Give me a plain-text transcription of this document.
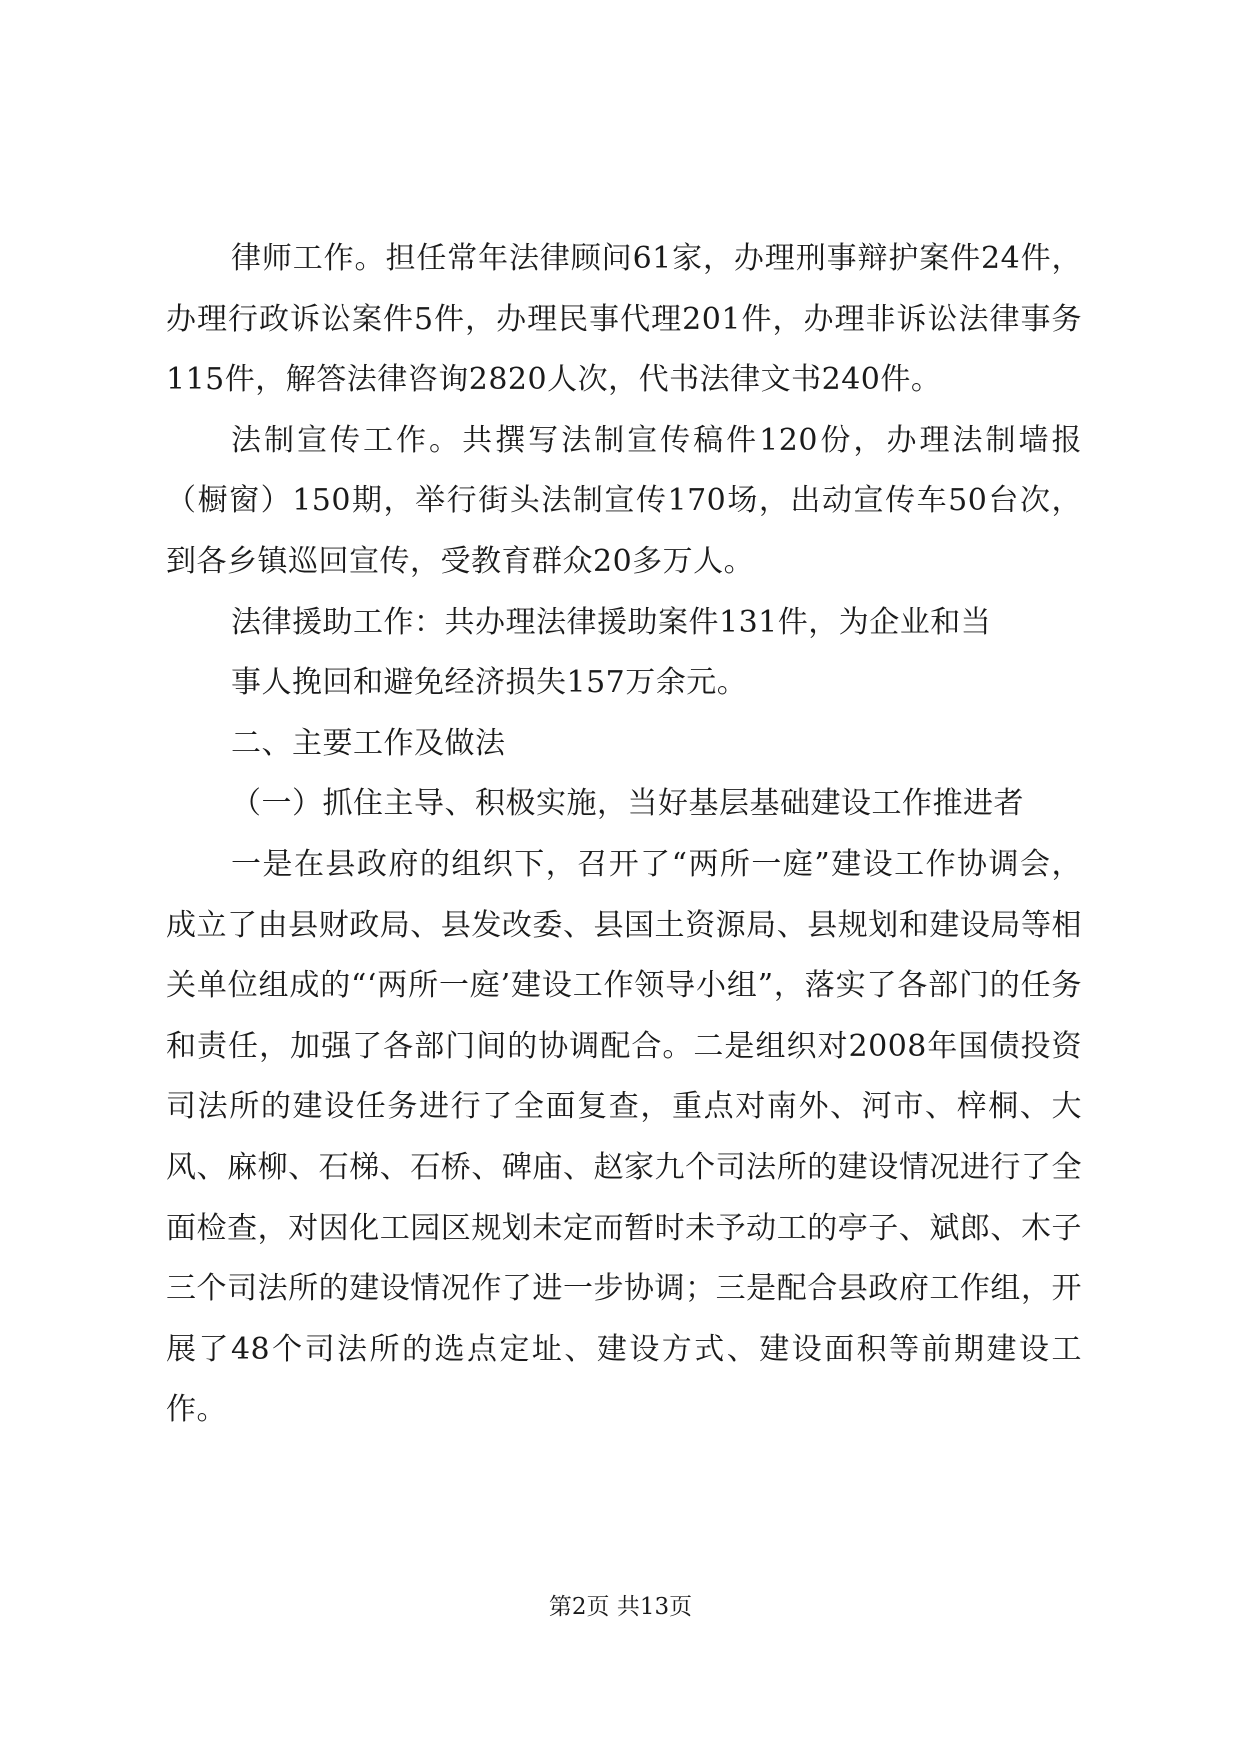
律师工作。担任常年法律顾问61家，办理刑事辩护案件24件，办理行政诉讼案件5件，办理民事代理201件，办理非诉讼法律事务115件，解答法律咨询2820人次，代书法律文书240件。

法制宣传工作。共撰写法制宣传稿件120份，办理法制墙报（橱窗）150期，举行街头法制宣传170场，出动宣传车50台次，到各乡镇巡回宣传，受教育群众20多万人。

法律援助工作：共办理法律援助案件131件，为企业和当

事人挽回和避免经济损失157万余元。

二、主要工作及做法

（一）抓住主导、积极实施，当好基层基础建设工作推进者

一是在县政府的组织下，召开了“两所一庭”建设工作协调会，成立了由县财政局、县发改委、县国土资源局、县规划和建设局等相关单位组成的“‘两所一庭’建设工作领导小组”，落实了各部门的任务和责任，加强了各部门间的协调配合。二是组织对2008年国债投资司法所的建设任务进行了全面复查，重点对南外、河市、梓桐、大风、麻柳、石梯、石桥、碑庙、赵家九个司法所的建设情况进行了全面检查，对因化工园区规划未定而暂时未予动工的亭子、斌郎、木子三个司法所的建设情况作了进一步协调；三是配合县政府工作组，开展了48个司法所的选点定址、建设方式、建设面积等前期建设工作。

第2页 共13页
